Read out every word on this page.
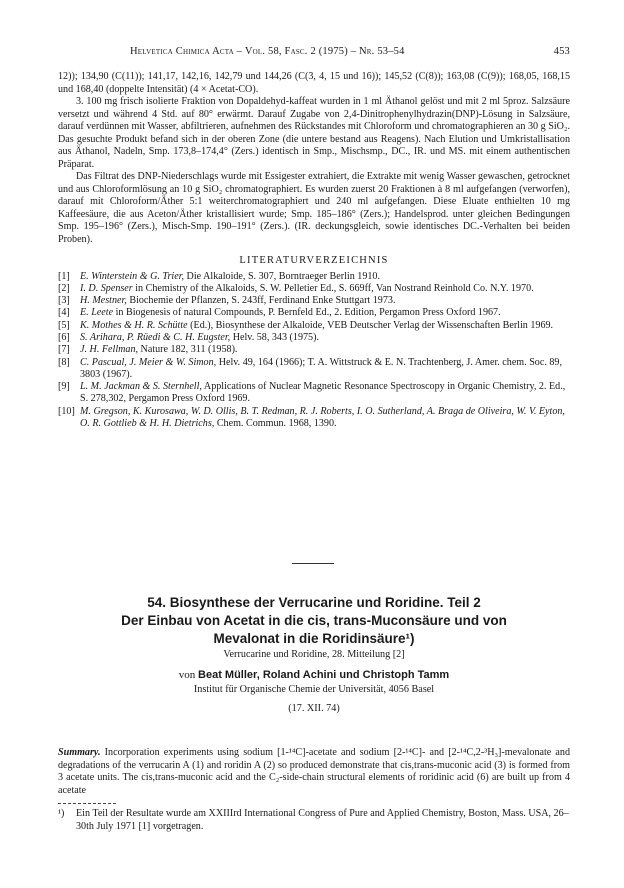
Helvetica Chimica Acta – Vol. 58, Fasc. 2 (1975) – Nr. 53–54	453

12)); 134,90 (C(11)); 141,17, 142,16, 142,79 und 144,26 (C(3, 4, 15 und 16)); 145,52 (C(8)); 163,08 (C(9)); 168,05, 168,15 und 168,40 (doppelte Intensität) (4 × Acetat-CO).

3. 100 mg frisch isolierte Fraktion von Dopaldehyd-kaffeat wurden in 1 ml Äthanol gelöst und mit 2 ml 5proz. Salzsäure versetzt und während 4 Std. auf 80° erwärmt. Darauf Zugabe von 2,4-Dinitrophenylhydrazin(DNP)-Lösung in Salzsäure, darauf verdünnen mit Wasser, abfiltrieren, aufnehmen des Rückstandes mit Chloroform und chromatographieren an 30 g SiO₂. Das gesuchte Produkt befand sich in der oberen Zone (die untere bestand aus Reagens). Nach Elution und Umkristallisation aus Äthanol, Nadeln, Smp. 173,8–174,4° (Zers.) identisch in Smp., Mischsmp., DC., IR. und MS. mit einem authentischen Präparat.

Das Filtrat des DNP-Niederschlags wurde mit Essigester extrahiert, die Extrakte mit wenig Wasser gewaschen, getrocknet und aus Chloroformlösung an 10 g SiO₂ chromatographiert. Es wurden zuerst 20 Fraktionen à 8 ml aufgefangen (verworfen), darauf mit Chloroform/Äther 5:1 weiterchromatographiert und 240 ml aufgefangen. Diese Eluate enthielten 10 mg Kaffeesäure, die aus Aceton/Äther kristallisiert wurde; Smp. 185–186° (Zers.); Handelsprod. unter gleichen Bedingungen Smp. 195–196° (Zers.), Misch-Smp. 190–191° (Zers.). (IR. deckungsgleich, sowie identisches DC.-Verhalten bei beiden Proben).

LITERATURVERZEICHNIS
[1] E. Winterstein & G. Trier, Die Alkaloide, S. 307, Borntraeger Berlin 1910.
[2] I. D. Spenser in Chemistry of the Alkaloids, S. W. Pelletier Ed., S. 669ff, Van Nostrand Reinhold Co. N.Y. 1970.
[3] H. Mestner, Biochemie der Pflanzen, S. 243ff, Ferdinand Enke Stuttgart 1973.
[4] E. Leete in Biogenesis of natural Compounds, P. Bernfeld Ed., 2. Edition, Pergamon Press Oxford 1967.
[5] K. Mothes & H. R. Schütte (Ed.), Biosynthese der Alkaloide, VEB Deutscher Verlag der Wissenschaften Berlin 1969.
[6] S. Arihara, P. Rüedi & C. H. Eugster, Helv. 58, 343 (1975).
[7] J. H. Fellman, Nature 182, 311 (1958).
[8] C. Pascual, J. Meier & W. Simon, Helv. 49, 164 (1966); T. A. Wittstruck & E. N. Trachtenberg, J. Amer. chem. Soc. 89, 3803 (1967).
[9] L. M. Jackman & S. Sternhell, Applications of Nuclear Magnetic Resonance Spectroscopy in Organic Chemistry, 2. Ed., S. 278,302, Pergamon Press Oxford 1969.
[10] M. Gregson, K. Kurosawa, W. D. Ollis, B. T. Redman, R. J. Roberts, I. O. Sutherland, A. Braga de Oliveira, W. V. Eyton, O. R. Gottlieb & H. H. Dietrichs, Chem. Commun. 1968, 1390.
54. Biosynthese der Verrucarine und Roridine. Teil 2
Der Einbau von Acetat in die cis, trans-Muconsäure und von
Mevalonat in die Roridinsäure¹)
Verrucarine und Roridine, 28. Mitteilung [2]
von Beat Müller, Roland Achini und Christoph Tamm
Institut für Organische Chemie der Universität, 4056 Basel
(17. XII. 74)
Summary. Incorporation experiments using sodium [1-¹⁴C]-acetate and sodium [2-¹⁴C]- and [2-¹⁴C,2-³H₃]-mevalonate and degradations of the verrucarin A (1) and roridin A (2) so produced demonstrate that cis,trans-muconic acid (3) is formed from 3 acetate units. The cis,trans-muconic acid and the C₂-side-chain structural elements of roridinic acid (6) are built up from 4 acetate
¹)	Ein Teil der Resultate wurde am XXIIIrd International Congress of Pure and Applied Chemistry, Boston, Mass. USA, 26–30th July 1971 [1] vorgetragen.
